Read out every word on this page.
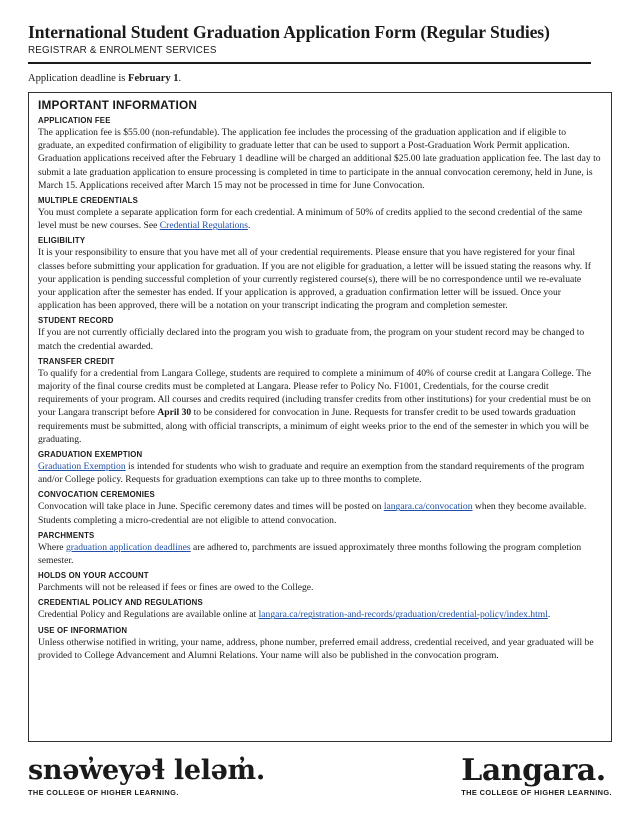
International Student Graduation Application Form (Regular Studies)
REGISTRAR & ENROLMENT SERVICES
Application deadline is February 1.
IMPORTANT INFORMATION
APPLICATION FEE

The application fee is $55.00 (non-refundable). The application fee includes the processing of the graduation application and if eligible to graduate, an expedited confirmation of eligibility to graduate letter that can be used to support a Post-Graduation Work Permit application. Graduation applications received after the February 1 deadline will be charged an additional $25.00 late graduation application fee. The last day to submit a late graduation application to ensure processing is completed in time to participate in the annual convocation ceremony, held in June, is March 15. Applications received after March 15 may not be processed in time for June Convocation.

MULTIPLE CREDENTIALS

You must complete a separate application form for each credential. A minimum of 50% of credits applied to the second credential of the same level must be new courses. See Credential Regulations.

ELIGIBILITY

It is your responsibility to ensure that you have met all of your credential requirements. Please ensure that you have registered for your final classes before submitting your application for graduation. If you are not eligible for graduation, a letter will be issued stating the reasons why. If your application is pending successful completion of your currently registered course(s), there will be no correspondence until we re-evaluate your application after the semester has ended. If your application is approved, a graduation confirmation letter will be issued. Once your application has been approved, there will be a notation on your transcript indicating the program and completion semester.

STUDENT RECORD

If you are not currently officially declared into the program you wish to graduate from, the program on your student record may be changed to match the credential awarded.

TRANSFER CREDIT

To qualify for a credential from Langara College, students are required to complete a minimum of 40% of course credit at Langara College. The majority of the final course credits must be completed at Langara. Please refer to Policy No. F1001, Credentials, for the course credit requirements of your program. All courses and credits required (including transfer credits from other institutions) for your credential must be on your Langara transcript before April 30 to be considered for convocation in June. Requests for transfer credit to be used towards graduation requirements must be submitted, along with official transcripts, a minimum of eight weeks prior to the end of the semester in which you will be graduating.

GRADUATION EXEMPTION

Graduation Exemption is intended for students who wish to graduate and require an exemption from the standard requirements of the program and/or College policy. Requests for graduation exemptions can take up to three months to complete.

CONVOCATION CEREMONIES

Convocation will take place in June. Specific ceremony dates and times will be posted on langara.ca/convocation when they become available. Students completing a micro-credential are not eligible to attend convocation.

PARCHMENTS

Where graduation application deadlines are adhered to, parchments are issued approximately three months following the program completion semester.

HOLDS ON YOUR ACCOUNT

Parchments will not be released if fees or fines are owed to the College.

CREDENTIAL POLICY AND REGULATIONS

Credential Policy and Regulations are available online at langara.ca/registration-and-records/graduation/credential-policy/index.html.

USE OF INFORMATION

Unless otherwise notified in writing, your name, address, phone number, preferred email address, credential received, and year graduated will be provided to College Advancement and Alumni Relations. Your name will also be published in the convocation program.

snəw̓eyəɬ leləm̓.
THE COLLEGE OF HIGHER LEARNING.
Langara.
THE COLLEGE OF HIGHER LEARNING.
